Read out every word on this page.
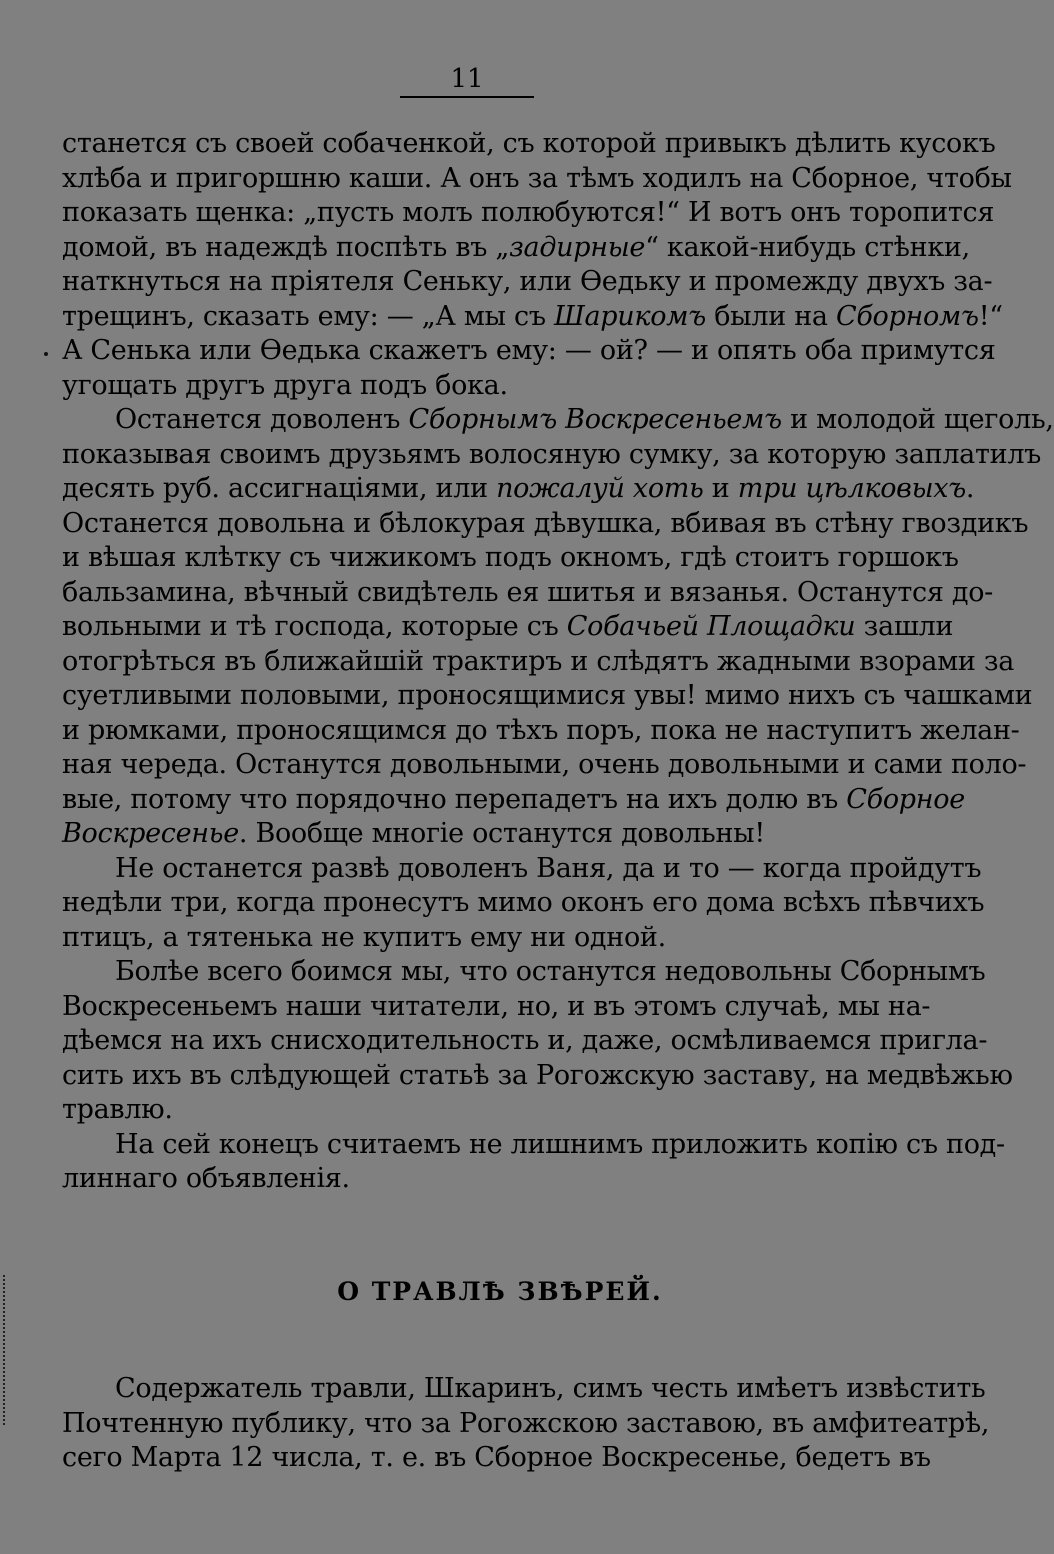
11

станется съ своей собаченкой, съ которой привыкъ дѣлить кусокъ
хлѣба и пригоршню каши. А онъ за тѣмъ ходилъ на Сборное, чтобы
показать щенка: „пусть молъ полюбуются!“ И вотъ онъ торопится
домой, въ надеждѣ поспѣть въ „задирные“ какой-нибудь стѣнки,
наткнуться на пріятеля Сеньку, или Ѳедьку и промежду двухъ за-
трещинъ, сказать ему: — „А мы съ Шарикомъ были на Сборномъ!“
А Сенька или Ѳедька скажетъ ему: — ой? — и опять оба примутся
угощать другъ друга подъ бока.

Останется доволенъ Сборнымъ Воскресеньемъ и молодой щеголь,
показывая своимъ друзьямъ волосяную сумку, за которую заплатилъ
десять руб. ассигнаціями, или пожалуй хоть и три цѣлковыхъ.
Останется довольна и бѣлокурая дѣвушка, вбивая въ стѣну гвоздикъ
и вѣшая клѣтку съ чижикомъ подъ окномъ, гдѣ стоитъ горшокъ
бальзамина, вѣчный свидѣтель ея шитья и вязанья. Останутся до-
вольными и тѣ господа, которые съ Собачьей Площадки зашли
отогрѣться въ ближайшій трактиръ и слѣдятъ жадными взорами за
суетливыми половыми, проносящимися увы! мимо нихъ съ чашками
и рюмками, проносящимся до тѣхъ поръ, пока не наступитъ желан-
ная череда. Останутся довольными, очень довольными и сами поло-
вые, потому что порядочно перепадетъ на ихъ долю въ Сборное
Воскресенье. Вообще многіе останутся довольны!

Не останется развѣ доволенъ Ваня, да и то — когда пройдутъ
недѣли три, когда пронесутъ мимо оконъ его дома всѣхъ пѣвчихъ
птицъ, а тятенька не купитъ ему ни одной.

Болѣе всего боимся мы, что останутся недовольны Сборнымъ
Воскресеньемъ наши читатели, но, и въ этомъ случаѣ, мы на-
дѣемся на ихъ снисходительность и, даже, осмѣливаемся пригла-
сить ихъ въ слѣдующей статьѣ за Рогожскую заставу, на медвѣжью
травлю.

На сей конецъ считаемъ не лишнимъ приложить копію съ под-
линнаго объявленія.

О ТРАВЛѢ ЗВѢРЕЙ.

Содержатель травли, Шкаринъ, симъ честь имѣетъ извѣстить
Почтенную публику, что за Рогожскою заставою, въ амфитеатрѣ,
сего Марта 12 числа, т. е. въ Сборное Воскресенье, бедетъ въ
